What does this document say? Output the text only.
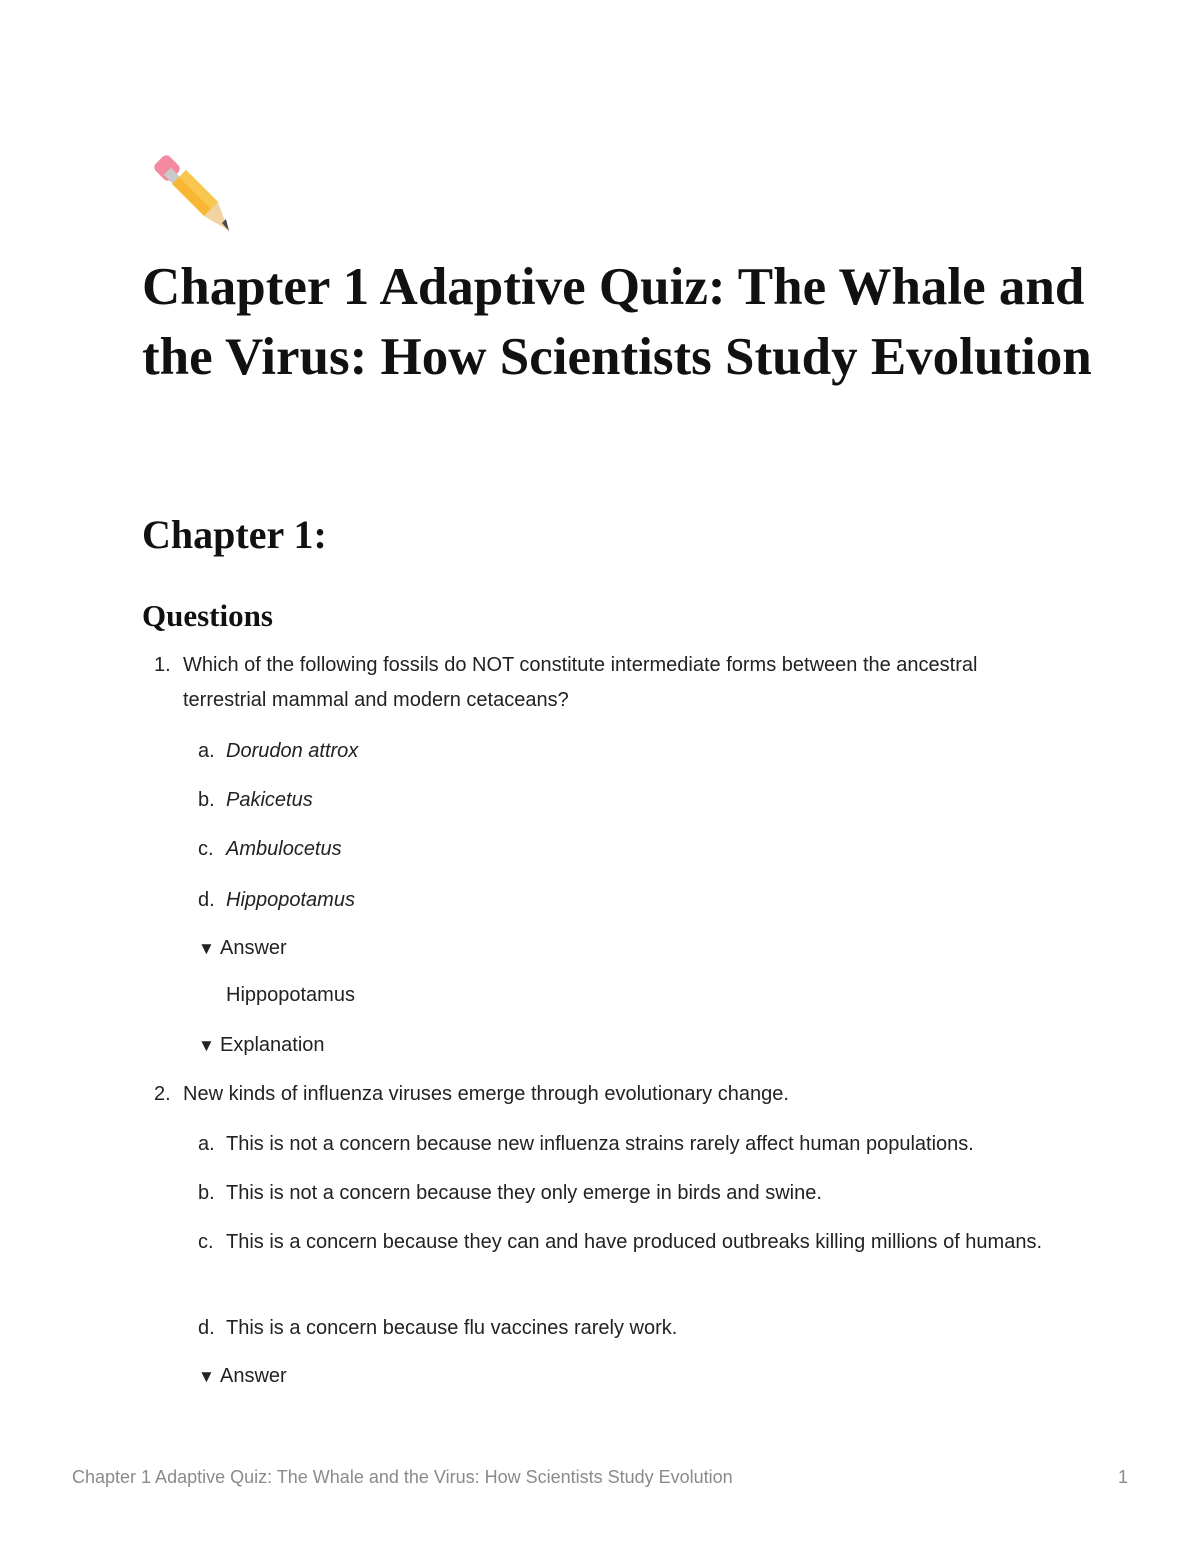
Chapter 1 Adaptive Quiz: The Whale and the Virus: How Scientists Study Evolution
Chapter 1:
Questions
1. Which of the following fossils do NOT constitute intermediate forms between the ancestral terrestrial mammal and modern cetaceans?
a. Dorudon attrox
b. Pakicetus
c. Ambulocetus
d. Hippopotamus
▼ Answer
Hippopotamus
▼ Explanation
2. New kinds of influenza viruses emerge through evolutionary change.
a. This is not a concern because new influenza strains rarely affect human populations.
b. This is not a concern because they only emerge in birds and swine.
c. This is a concern because they can and have produced outbreaks killing millions of humans.
d. This is a concern because flu vaccines rarely work.
▼ Answer
Chapter 1 Adaptive Quiz: The Whale and the Virus: How Scientists Study Evolution	1
